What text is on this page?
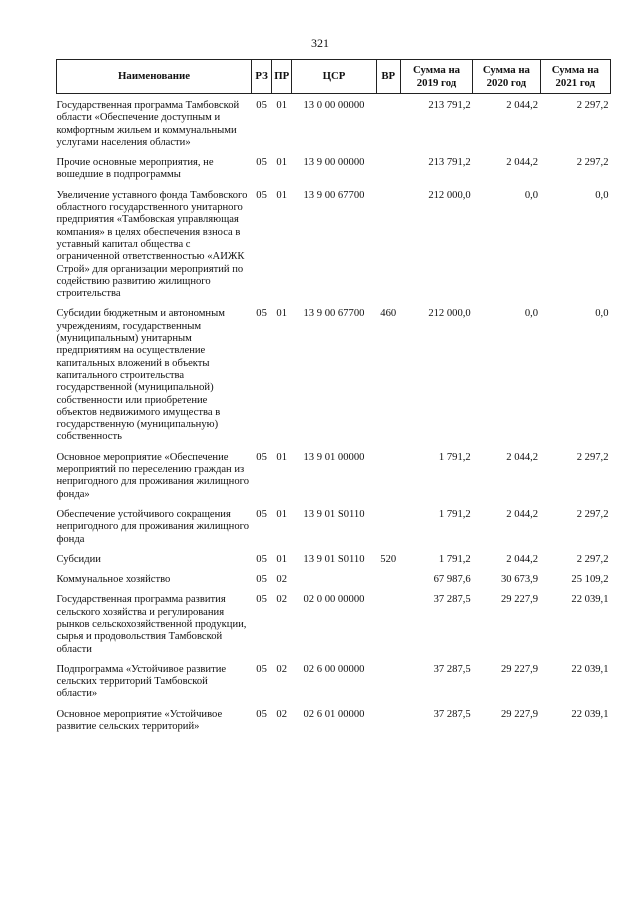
321
Наименование	РЗ	ПР	ЦСР	ВР	Сумма на 2019 год	Сумма на 2020 год	Сумма на 2021 год
Государственная программа Тамбовской области «Обеспечение доступным и комфортным жильем и коммунальными услугами населения области»	05	01	13 0 00 00000		213 791,2	2 044,2	2 297,2
Прочие основные мероприятия, не вошедшие в подпрограммы	05	01	13 9 00 00000		213 791,2	2 044,2	2 297,2
Увеличение уставного фонда Тамбовского областного государственного унитарного предприятия «Тамбовская управляющая компания» в целях обеспечения взноса в уставный капитал общества с ограниченной ответственностью «АИЖК Строй» для организации мероприятий по содействию развитию жилищного строительства	05	01	13 9 00 67700		212 000,0	0,0	0,0
Субсидии бюджетным и автономным учреждениям, государственным (муниципальным) унитарным предприятиям на осуществление капитальных вложений в объекты капитального строительства государственной (муниципальной) собственности или приобретение объектов недвижимого имущества в государственную (муниципальную) собственность	05	01	13 9 00 67700	460	212 000,0	0,0	0,0
Основное мероприятие «Обеспечение мероприятий по переселению граждан из непригодного для проживания жилищного фонда»	05	01	13 9 01 00000		1 791,2	2 044,2	2 297,2
Обеспечение устойчивого сокращения непригодного для проживания жилищного фонда	05	01	13 9 01 S0110		1 791,2	2 044,2	2 297,2
Субсидии	05	01	13 9 01 S0110	520	1 791,2	2 044,2	2 297,2
Коммунальное хозяйство	05	02			67 987,6	30 673,9	25 109,2
Государственная программа развития сельского хозяйства и регулирования рынков сельскохозяйственной продукции, сырья и продовольствия Тамбовской области	05	02	02 0 00 00000		37 287,5	29 227,9	22 039,1
Подпрограмма «Устойчивое развитие сельских территорий Тамбовской области»	05	02	02 6 00 00000		37 287,5	29 227,9	22 039,1
Основное мероприятие «Устойчивое развитие сельских территорий»	05	02	02 6 01 00000		37 287,5	29 227,9	22 039,1
